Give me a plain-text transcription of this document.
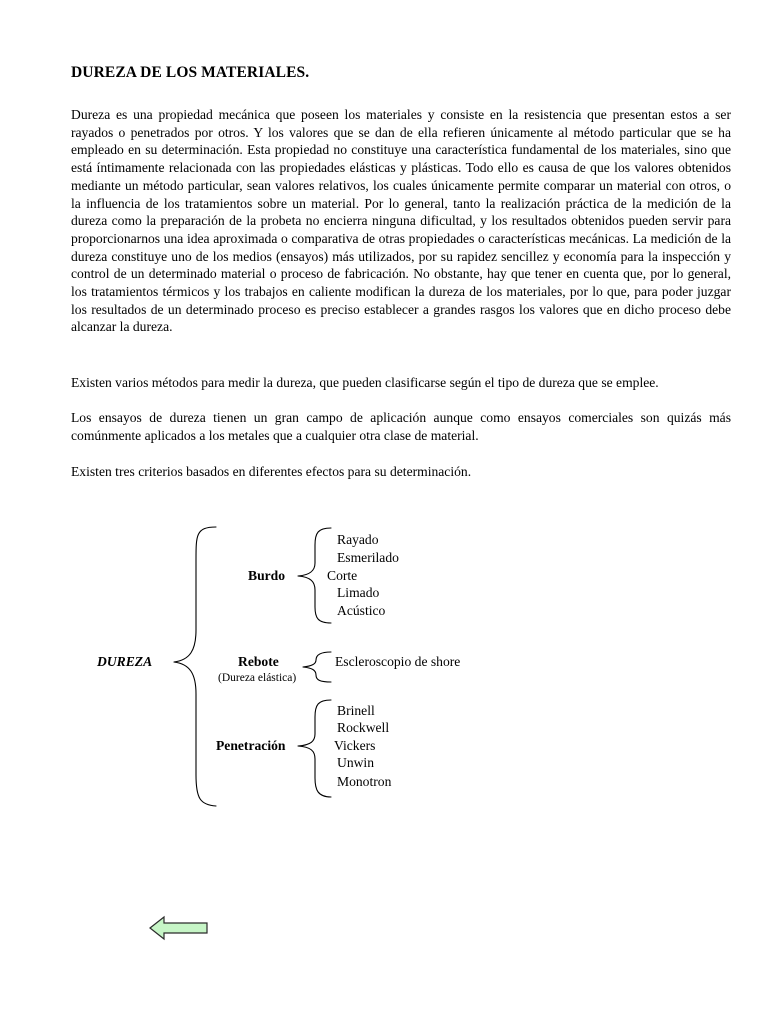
DUREZA DE LOS MATERIALES.

Dureza es una propiedad mecánica que poseen los materiales y consiste en la resistencia que presentan estos a ser rayados o penetrados por otros. Y los valores que se dan de ella refieren únicamente al método particular que se ha empleado en su determinación. Esta propiedad no constituye una característica fundamental de los materiales, sino que está íntimamente relacionada con las propiedades elásticas y plásticas. Todo ello es causa de que los valores obtenidos mediante un método particular, sean valores relativos, los cuales únicamente permite comparar un material con otros, o la influencia de los tratamientos sobre un material. Por lo general, tanto la realización práctica de la medición de la dureza como la preparación de la probeta no encierra ninguna dificultad, y los resultados obtenidos pueden servir para proporcionarnos una idea aproximada o comparativa de otras propiedades o características mecánicas. La medición de la dureza constituye uno de los medios (ensayos) más utilizados, por su rapidez sencillez y economía para la inspección y control de un determinado material o proceso de fabricación. No obstante, hay que tener en cuenta que, por lo general, los tratamientos térmicos y los trabajos en caliente modifican la dureza de los materiales, por lo que, para poder juzgar los resultados de un determinado proceso es preciso establecer a grandes rasgos los valores que en dicho proceso debe alcanzar la dureza.

Existen varios métodos para medir la dureza, que pueden clasificarse según el tipo de dureza que se emplee.

Los ensayos de dureza tienen un gran campo de aplicación aunque como ensayos comerciales son quizás más comúnmente aplicados a los metales que a cualquier otra clase de material.

Existen tres criterios basados en diferentes efectos para su determinación.

DUREZA
Burdo
Rayado
Esmerilado
Corte
Limado
Acústico
Rebote
(Dureza elástica)
Escleroscopio de shore
Penetración
Brinell
Rockwell
Vickers
Unwin
Monotron
